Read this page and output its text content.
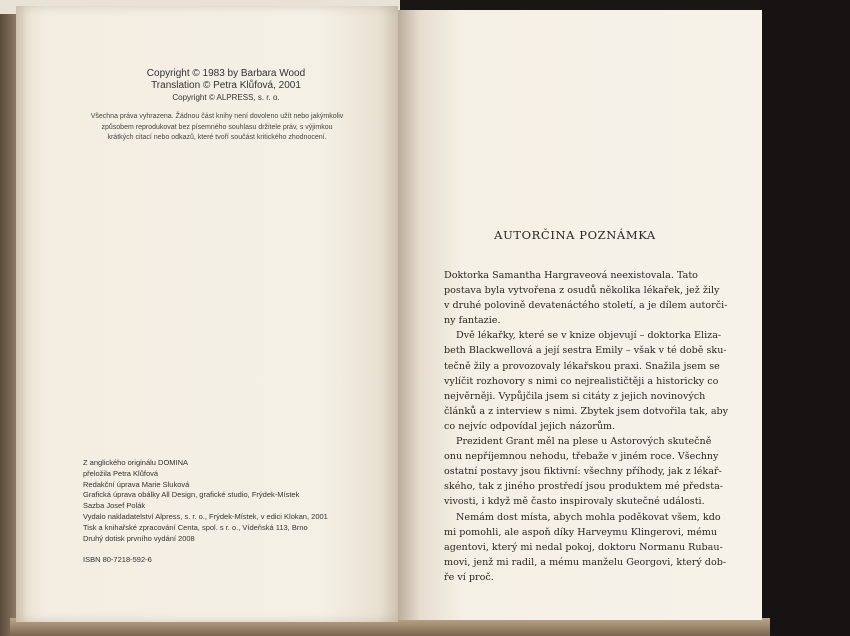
Copyright © 1983 by Barbara Wood
Translation © Petra Klůfová, 2001
Copyright © ALPRESS, s. r. o.
Všechna práva vyhrazena. Žádnou část knihy není dovoleno užít nebo jakýmkoliv
způsobem reprodukovat bez písemného souhlasu držitele práv, s výjimkou
krátkých citací nebo odkazů, které tvoří součást kritického zhodnocení.
Z anglického originálu DOMINA
přeložila Petra Klůfová
Redakční úprava Marie Sluková
Grafická úprava obálky All Design, grafické studio, Frýdek-Místek
Sazba Josef Polák
Vydalo nakladatelství Alpress, s. r. o., Frýdek-Místek, v edici Klokan, 2001
Tisk a knihařské zpracování Centa, spol. s r. o., Vídeňská 113, Brno
Druhý dotisk prvního vydání 2008
ISBN 80-7218-592-6
AUTORČINA POZNÁMKA
Doktorka Samantha Hargraveová neexistovala. Tato
postava byla vytvořena z osudů několika lékařek, jež žily
v druhé polovině devatenáctého století, a je dílem autorči-
ny fantazie.
Dvě lékařky, které se v knize objevují – doktorka Eliza-
beth Blackwellová a její sestra Emily – však v té době sku-
tečně žily a provozovaly lékařskou praxi. Snažila jsem se
vylíčit rozhovory s nimi co nejrealističtěji a historicky co
nejvěrněji. Vypůjčila jsem si citáty z jejich novinových
článků a z interview s nimi. Zbytek jsem dotvořila tak, aby
co nejvíc odpovídal jejich názorům.
Prezident Grant měl na plese u Astorových skutečně
onu nepříjemnou nehodu, třebaže v jiném roce. Všechny
ostatní postavy jsou fiktivní: všechny příhody, jak z lékař-
ského, tak z jiného prostředí jsou produktem mé předsta-
vivosti, i když mě často inspirovaly skutečné události.
Nemám dost místa, abych mohla poděkovat všem, kdo
mi pomohli, ale aspoň díky Harveymu Klingerovi, mému
agentovi, který mi nedal pokoj, doktoru Normanu Rubau-
movi, jenž mi radil, a mému manželu Georgovi, který dob-
ře ví proč.
